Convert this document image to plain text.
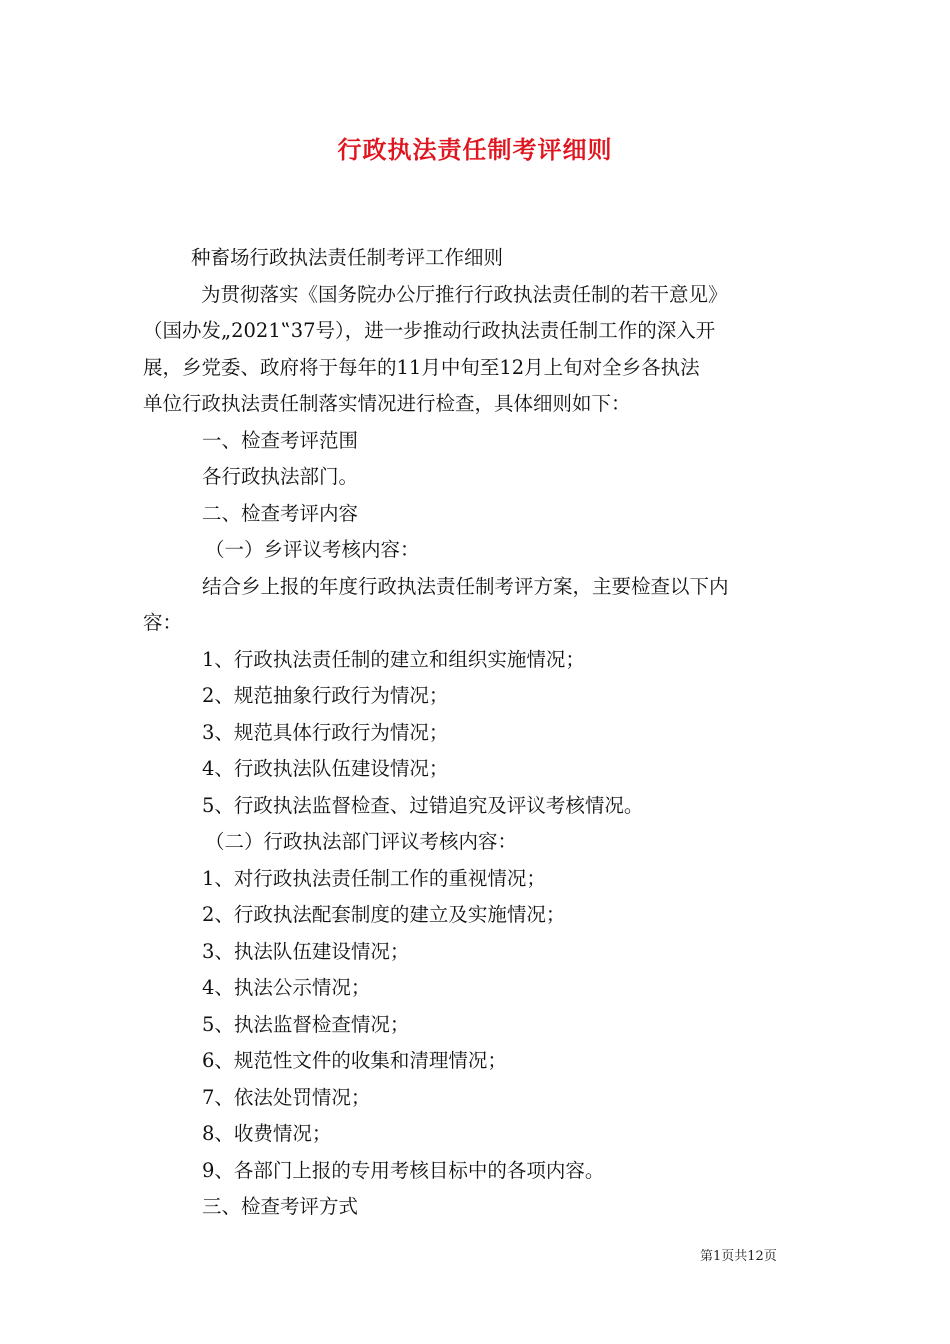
行政执法责任制考评细则
种畜场行政执法责任制考评工作细则
为贯彻落实《国务院办公厅推行行政执法责任制的若干意见》
（国办发„2021‟37号），进一步推动行政执法责任制工作的深入开
展，乡党委、政府将于每年的11月中旬至12月上旬对全乡各执法
单位行政执法责任制落实情况进行检查，具体细则如下：
一、检查考评范围
各行政执法部门。
二、检查考评内容
（一）乡评议考核内容：
结合乡上报的年度行政执法责任制考评方案，主要检查以下内
容：
1、行政执法责任制的建立和组织实施情况；
2、规范抽象行政行为情况；
3、规范具体行政行为情况；
4、行政执法队伍建设情况；
5、行政执法监督检查、过错追究及评议考核情况。
（二）行政执法部门评议考核内容：
1、对行政执法责任制工作的重视情况；
2、行政执法配套制度的建立及实施情况；
3、执法队伍建设情况；
4、执法公示情况；
5、执法监督检查情况；
6、规范性文件的收集和清理情况；
7、依法处罚情况；
8、收费情况；
9、各部门上报的专用考核目标中的各项内容。
三、检查考评方式
第1页共12页
